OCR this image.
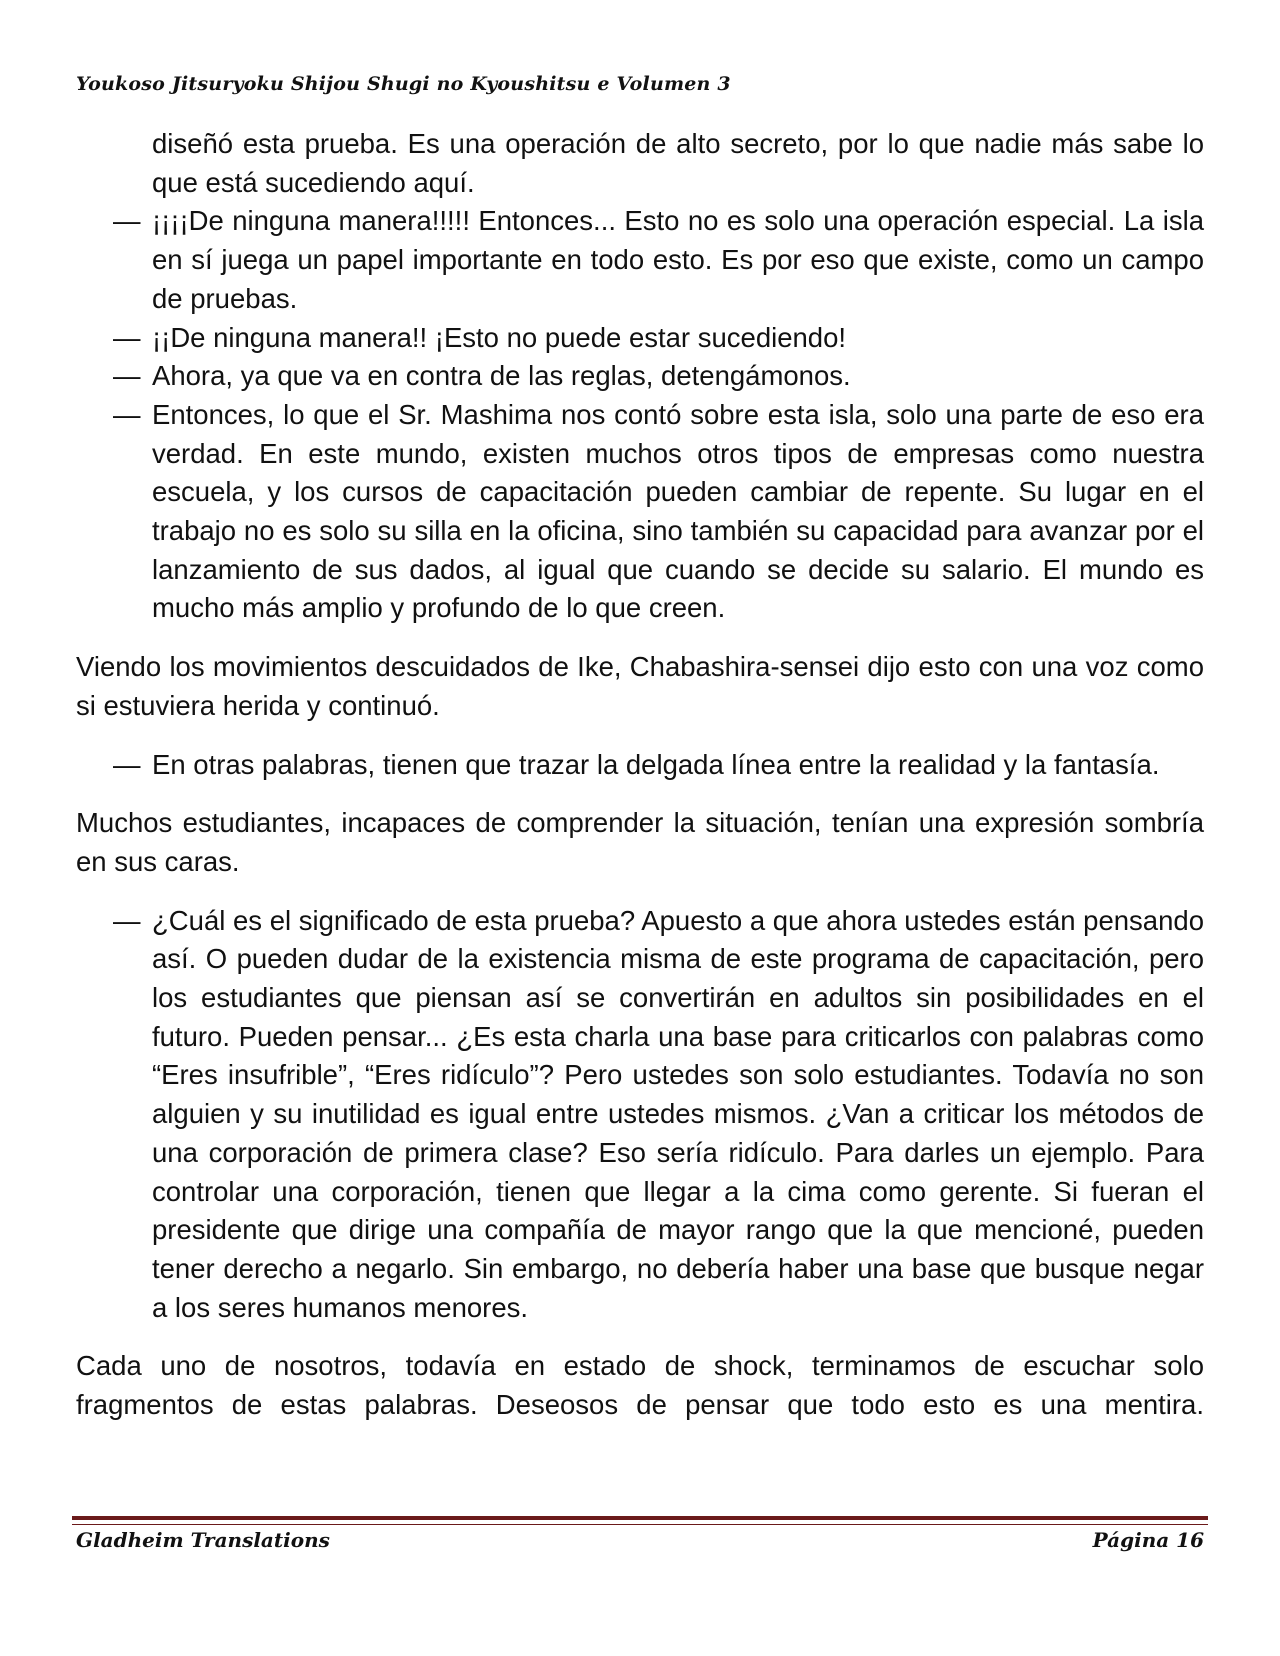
Youkoso Jitsuryoku Shijou Shugi no Kyoushitsu e Volumen 3

diseñó esta prueba. Es una operación de alto secreto, por lo que nadie más sabe lo que está sucediendo aquí.

— ¡¡¡¡De ninguna manera!!!!! Entonces... Esto no es solo una operación especial. La isla en sí juega un papel importante en todo esto. Es por eso que existe, como un campo de pruebas.

— ¡¡De ninguna manera!! ¡Esto no puede estar sucediendo!

— Ahora, ya que va en contra de las reglas, detengámonos.

— Entonces, lo que el Sr. Mashima nos contó sobre esta isla, solo una parte de eso era verdad. En este mundo, existen muchos otros tipos de empresas como nuestra escuela, y los cursos de capacitación pueden cambiar de repente. Su lugar en el trabajo no es solo su silla en la oficina, sino también su capacidad para avanzar por el lanzamiento de sus dados, al igual que cuando se decide su salario. El mundo es mucho más amplio y profundo de lo que creen.

Viendo los movimientos descuidados de Ike, Chabashira-sensei dijo esto con una voz como si estuviera herida y continuó.

— En otras palabras, tienen que trazar la delgada línea entre la realidad y la fantasía.

Muchos estudiantes, incapaces de comprender la situación, tenían una expresión sombría en sus caras.

— ¿Cuál es el significado de esta prueba? Apuesto a que ahora ustedes están pensando así. O pueden dudar de la existencia misma de este programa de capacitación, pero los estudiantes que piensan así se convertirán en adultos sin posibilidades en el futuro. Pueden pensar... ¿Es esta charla una base para criticarlos con palabras como “Eres insufrible”, “Eres ridículo”? Pero ustedes son solo estudiantes. Todavía no son alguien y su inutilidad es igual entre ustedes mismos. ¿Van a criticar los métodos de una corporación de primera clase? Eso sería ridículo. Para darles un ejemplo. Para controlar una corporación, tienen que llegar a la cima como gerente. Si fueran el presidente que dirige una compañía de mayor rango que la que mencioné, pueden tener derecho a negarlo. Sin embargo, no debería haber una base que busque negar a los seres humanos menores.

Cada uno de nosotros, todavía en estado de shock, terminamos de escuchar solo fragmentos de estas palabras. Deseosos de pensar que todo esto es una mentira.

Gladheim Translations	Página 16
